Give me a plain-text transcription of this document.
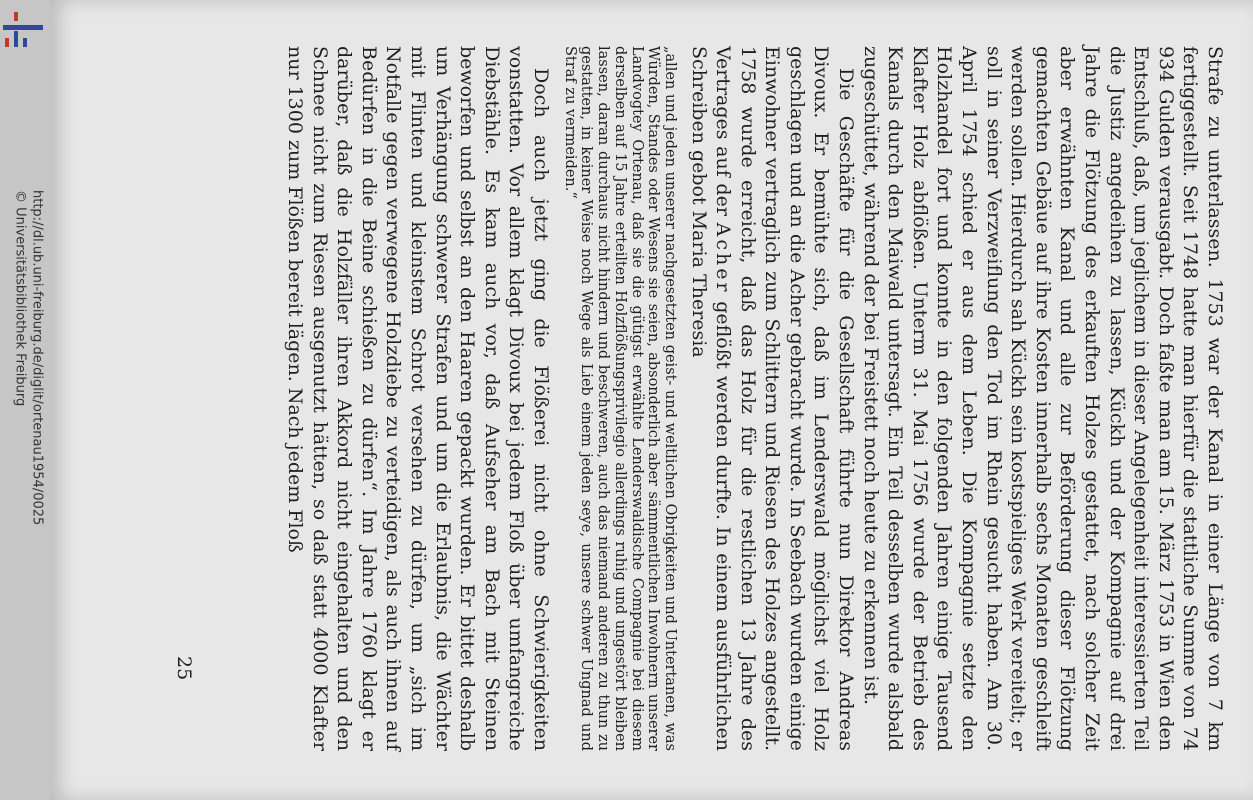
http://dl.ub.uni-freiburg.de/diglit/ortenau1954/0025
© Universitätsbibliothek Freiburg	Strafe zu unterlassen. 1753 war der Kanal in einer Länge von 7 km fertiggestellt. Seit 1748 hatte man hierfür die stattliche Summe von 74 934 Gulden verausgabt. Doch faßte man am 15. März 1753 in Wien den Entschluß, daß, um jeglichem in dieser Angelegenheit interessierten Teil die Justiz angedeihen zu lassen, Kückh und der Kompagnie auf drei Jahre die Flötzung des erkauften Holzes gestattet, nach solcher Zeit aber erwähnten Kanal und alle zur Beförderung dieser Flötzung gemachten Gebäue auf ihre Kosten innerhalb sechs Monaten geschleift werden sollen. Hierdurch sah Kückh sein kostspieliges Werk vereitelt; er soll in seiner Verzweiflung den Tod im Rhein gesucht haben. Am 30. April 1754 schied er aus dem Leben. Die Kompagnie setzte den Holzhandel fort und konnte in den folgenden Jahren einige Tausend Klafter Holz abflößen. Unterm 31. Mai 1756 wurde der Betrieb des Kanals durch den Maiwald untersagt. Ein Teil desselben wurde alsbald zugeschüttet, während der bei Freistett noch heute zu erkennen ist.

Die Geschäfte für die Gesellschaft führte nun Direktor Andreas Divoux. Er bemühte sich, daß im Lenderswald möglichst viel Holz geschlagen und an die Acher gebracht wurde. In Seebach wurden einige Einwohner vertraglich zum Schlittern und Riesen des Holzes angestellt. 1758 wurde erreicht, daß das Holz für die restlichen 13 Jahre des Vertrages auf der Acher geflößt werden durfte. In einem ausführlichen Schreiben gebot Maria Theresia

„allen und jeden unserer nachgesetzten geist- und weltlichen Obrigkeiten und Untertanen, was Würden, Standes oder Wesens sie seien, absonderlich aber sämmentlichen Inwohnern unserer Landvogtey Ortenau, daß sie die gütigst erwählte Lenderswaldische Compagnie bei diesem derselben auf 15 Jahre erteilten Holzflößungsprivilegio allerdings ruhig und ungestört bleiben lassen, daran durchaus nicht hindern und beschweren, auch das niemand anderen zu thun zu gestatten, in keiner Weise noch Wege als Lieb einem jeden seye, unsere schwer Ungnad und Straf zu vermeiden.“

Doch auch jetzt ging die Flößerei nicht ohne Schwierigkeiten vonstatten. Vor allem klagt Divoux bei jedem Floß über umfangreiche Diebstähle. Es kam auch vor, daß Aufseher am Bach mit Steinen beworfen und selbst an den Haaren gepackt wurden. Er bittet deshalb um Verhängung schwerer Strafen und um die Erlaubnis, die Wächter mit Flinten und kleinstem Schrot versehen zu dürfen, um „sich im Notfalle gegen verwegene Holzdiebe zu verteidigen, als auch ihnen auf Bedürfen in die Beine schießen zu dürfen“. Im Jahre 1760 klagt er darüber, daß die Holzfäller ihren Akkord nicht eingehalten und den Schnee nicht zum Riesen ausgenutzt hätten, so daß statt 4000 Klafter nur 1300 zum Flößen bereit lägen. Nach jedem Floß

25
